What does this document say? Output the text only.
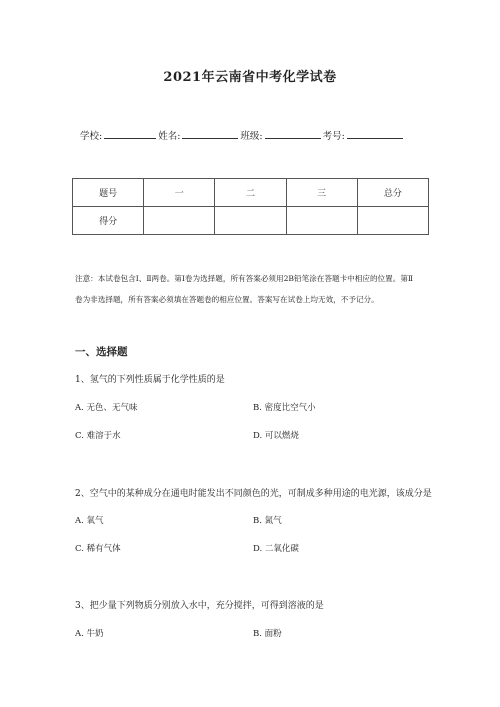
2021年云南省中考化学试卷
学校:	姓名:	班级:	考号:
题号	一	二	三	总分
得分				
注意：本试卷包含Ⅰ、Ⅱ两卷。第Ⅰ卷为选择题，所有答案必须用2B铅笔涂在答题卡中相应的位置。第Ⅱ
卷为非选择题，所有答案必须填在答题卷的相应位置。答案写在试卷上均无效，不予记分。
一、选择题
1、氢气的下列性质属于化学性质的是
A. 无色、无气味	B. 密度比空气小
C. 难溶于水	D. 可以燃烧
2、空气中的某种成分在通电时能发出不同颜色的光，可制成多种用途的电光源，该成分是
A. 氧气	B. 氮气
C. 稀有气体	D. 二氧化碳
3、把少量下列物质分别放入水中，充分搅拌，可得到溶液的是
A. 牛奶	B. 面粉
